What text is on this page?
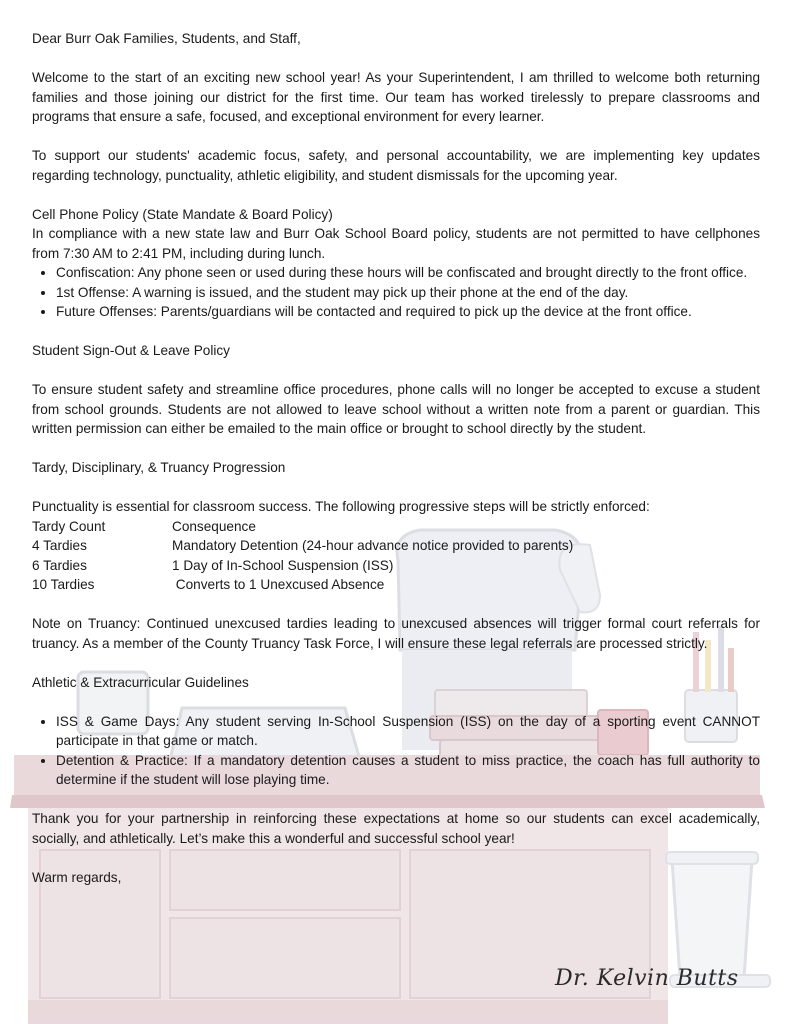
Dear Burr Oak Families, Students, and Staff,

Welcome to the start of an exciting new school year! As your Superintendent, I am thrilled to welcome both returning families and those joining our district for the first time. Our team has worked tirelessly to prepare classrooms and programs that ensure a safe, focused, and exceptional environment for every learner.

To support our students' academic focus, safety, and personal accountability, we are implementing key updates regarding technology, punctuality, athletic eligibility, and student dismissals for the upcoming year.

Cell Phone Policy (State Mandate & Board Policy)

In compliance with a new state law and Burr Oak School Board policy, students are not permitted to have cellphones from 7:30 AM to 2:41 PM, including during lunch.

• Confiscation: Any phone seen or used during these hours will be confiscated and brought directly to the front office.
• 1st Offense: A warning is issued, and the student may pick up their phone at the end of the day.
• Future Offenses: Parents/guardians will be contacted and required to pick up the device at the front office.

Student Sign-Out & Leave Policy

To ensure student safety and streamline office procedures, phone calls will no longer be accepted to excuse a student from school grounds. Students are not allowed to leave school without a written note from a parent or guardian. This written permission can either be emailed to the main office or brought to school directly by the student.

Tardy, Disciplinary, & Truancy Progression

Punctuality is essential for classroom success. The following progressive steps will be strictly enforced:

Tardy Count	Consequence
4 Tardies	Mandatory Detention (24-hour advance notice provided to parents)
6 Tardies	1 Day of In-School Suspension (ISS)
10 Tardies	Converts to 1 Unexcused Absence

Note on Truancy: Continued unexcused tardies leading to unexcused absences will trigger formal court referrals for truancy. As a member of the County Truancy Task Force, I will ensure these legal referrals are processed strictly.

Athletic & Extracurricular Guidelines

• ISS & Game Days: Any student serving In-School Suspension (ISS) on the day of a sporting event CANNOT participate in that game or match.
• Detention & Practice: If a mandatory detention causes a student to miss practice, the coach has full authority to determine if the student will lose playing time.

Thank you for your partnership in reinforcing these expectations at home so our students can excel academically, socially, and athletically. Let’s make this a wonderful and successful school year!

Warm regards,

Dr. Kelvin Butts
